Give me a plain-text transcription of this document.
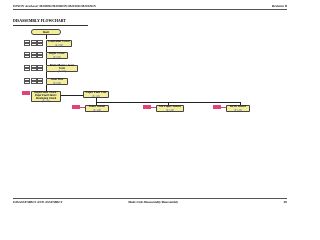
EPSON AcuLaser M2000D/M2000DN/M2010D/M2010DN	Revision B
DISASSEMBLY FLOWCHART
Start
Controller Cover
(P. 100)
Right Cover
(P. 103)
Main Motor / Gear Unit
(P. 105)
Gear Box
(P. 109)
Registration Clutch / Paper Feed Clutch / Developing Clutch
(P. 112)
Paper Feed Unit
(P. 115)
Toner Sensor
(P. 118)
MP Paper Sensor
(P. 120)
RFID Board
(P. 125)
DISASSEMBLY AND ASSEMBLY	Main Unit Disassembly/Reassembly	99
